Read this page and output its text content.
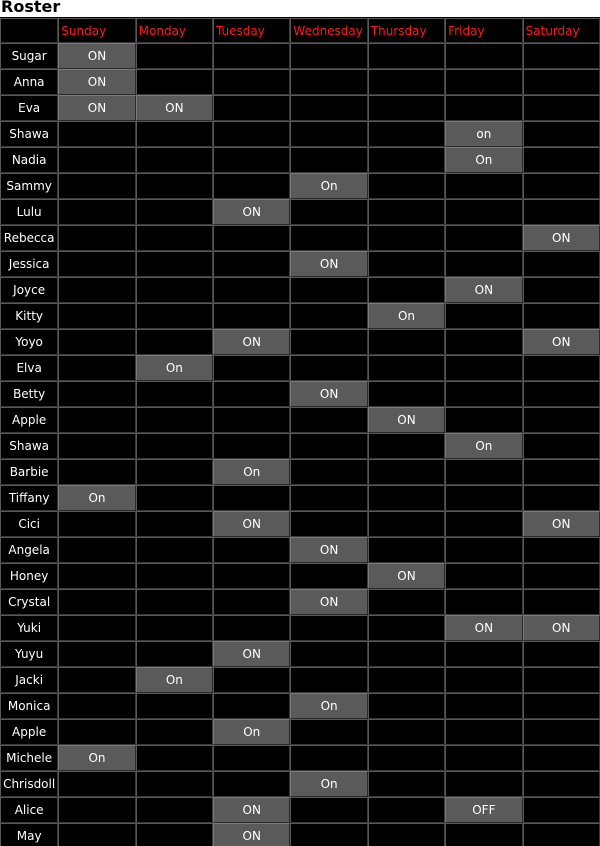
Roster
	Sunday	Monday	Tuesday	Wednesday	Thursday	Friday	Saturday
Sugar	ON						
Anna	ON						
Eva	ON	ON					
Shawa						on	
Nadia						On	
Sammy				On			
Lulu			ON				
Rebecca							ON
Jessica				ON			
Joyce						ON	
Kitty					On		
Yoyo			ON				ON
Elva		On					
Betty				ON			
Apple					ON		
Shawa						On	
Barbie			On				
Tiffany	On						
Cici			ON				ON
Angela				ON			
Honey					ON		
Crystal				ON			
Yuki						ON	ON
Yuyu			ON				
Jacki		On					
Monica				On			
Apple			On				
Michele	On						
Chrisdoll				On			
Alice			ON			OFF	
May			ON				
